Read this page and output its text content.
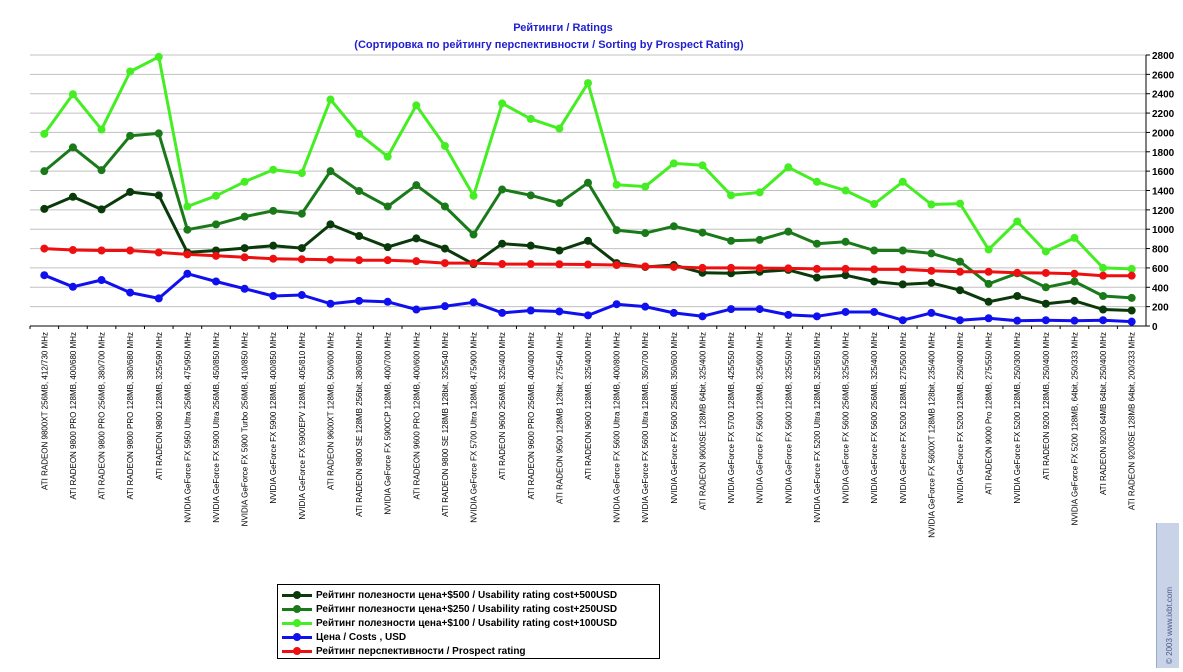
Рейтинги / Ratings
(Сортировка по рейтингу перспективности / Sorting by Prospect Rating)
0
200
400
600
800
1000
1200
1400
1600
1800
2000
2200
2400
2600
2800
ATI RADEON 9800XT 256MB, 412/730 MHz ATI RADEON 9800 PRO 128MB, 400/680 MHz ATI RADEON 9800 PRO 256MB, 380/700 MHz ATI RADEON 9800 PRO 128MB, 380/680 MHz ATI RADEON 9800 128MB, 325/590 MHz NVIDIA GeForce FX 5950 Ultra 256MB, 475/950 MHz NVIDIA GeForce FX 5900 Ultra 256MB, 450/850 MHz NVIDIA GeForce FX 5900 Turbo 256MB, 410/850 MHz NVIDIA GeForce FX 5900 128MB, 400/850 MHz NVIDIA GeForce FX 5900EPV 128MB, 405/810 MHz ATI RADEON 9600XT 128MB, 500/600 MHz ATI RADEON 9800 SE 128MB 256bit, 380/680 MHz NVIDIA GeForce FX 5900CP 128MB, 400/700 MHz ATI RADEON 9600 PRO 128MB, 400/600 MHz ATI RADEON 9800 SE 128MB 128bit, 325/540 MHz NVIDIA GeForce FX 5700 Ultra 128MB, 475/900 MHz ATI RADEON 9600 256MB, 325/400 MHz ATI RADEON 9600 PRO 256MB, 400/400 MHz ATI RADEON 9500 128MB 128bit, 275/540 MHz ATI RADEON 9600 128MB, 325/400 MHz NVIDIA GeForce FX 5600 Ultra 128MB, 400/800 MHz NVIDIA GeForce FX 5600 Ultra 128MB, 350/700 MHz NVIDIA GeForce FX 5600 256MB, 350/600 MHz ATI RADEON 9600SE 128MB 64bit, 325/400 MHz NVIDIA GeForce FX 5700 128MB, 425/550 MHz NVIDIA GeForce FX 5600 128MB, 325/600 MHz NVIDIA GeForce FX 5600 128MB, 325/550 MHz NVIDIA GeForce FX 5200 Ultra 128MB, 325/650 MHz NVIDIA GeForce FX 5600 256MB, 325/500 MHz NVIDIA GeForce FX 5600 256MB, 325/400 MHz NVIDIA GeForce FX 5200 128MB, 275/500 MHz NVIDIA GeForce FX 5600XT 128MB 128bit, 235/400 MHz NVIDIA GeForce FX 5200 128MB, 250/400 MHz ATI RADEON 9000 Pro 128MB, 275/550 MHz NVIDIA GeForce FX 5200 128MB, 250/300 MHz ATI RADEON 9200 128MB, 250/400 MHz NVIDIA GeForce FX 5200 128MB, 64bit, 250/333 MHz ATI RADEON 9200 64MB 64bit, 250/400 MHz ATI RADEON 9200SE 128MB 64bit, 200/333 MHz
Рейтинг полезности цена+$500 / Usability rating cost+500USD
Рейтинг полезности цена+$250 / Usability rating cost+250USD
Рейтинг полезности цена+$100 / Usability rating cost+100USD
Цена / Costs , USD
Рейтинг перспективности / Prospect rating	© 2003 www.ixbt.com
